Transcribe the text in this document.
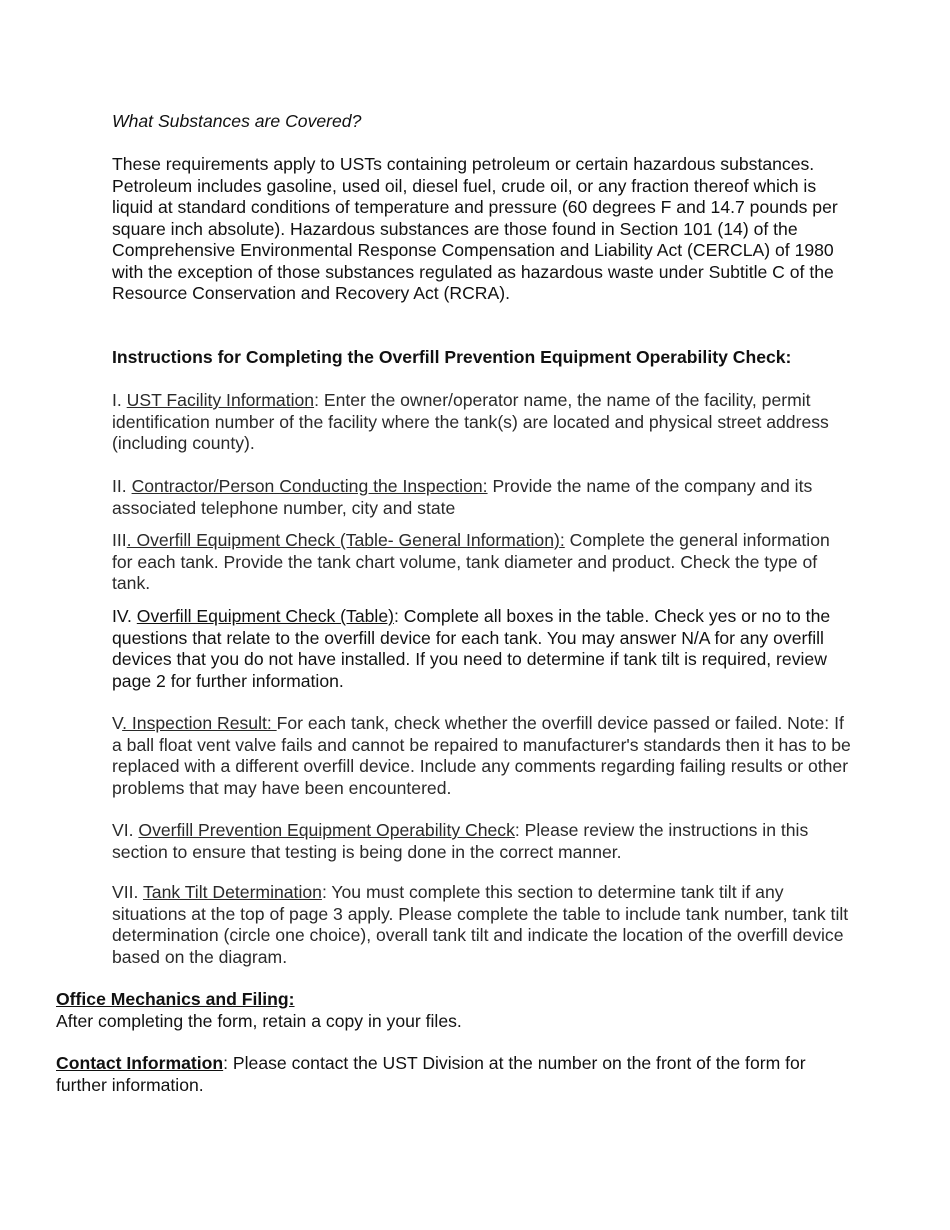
What Substances are Covered?

These requirements apply to USTs containing petroleum or certain hazardous substances. Petroleum includes gasoline, used oil, diesel fuel, crude oil, or any fraction thereof which is liquid at standard conditions of temperature and pressure (60 degrees F and 14.7 pounds per square inch absolute). Hazardous substances are those found in Section 101 (14) of the Comprehensive Environmental Response Compensation and Liability Act (CERCLA) of 1980 with the exception of those substances regulated as hazardous waste under Subtitle C of the Resource Conservation and Recovery Act (RCRA).

Instructions for Completing the Overfill Prevention Equipment Operability Check:

I. UST Facility Information: Enter the owner/operator name, the name of the facility, permit identification number of the facility where the tank(s) are located and physical street address (including county).

II. Contractor/Person Conducting the Inspection: Provide the name of the company and its associated telephone number, city and state

III. Overfill Equipment Check (Table- General Information): Complete the general information for each tank. Provide the tank chart volume, tank diameter and product. Check the type of tank.

IV. Overfill Equipment Check (Table): Complete all boxes in the table. Check yes or no to the questions that relate to the overfill device for each tank. You may answer N/A for any overfill devices that you do not have installed. If you need to determine if tank tilt is required, review page 2 for further information.

V. Inspection Result: For each tank, check whether the overfill device passed or failed. Note: If a ball float vent valve fails and cannot be repaired to manufacturer's standards then it has to be replaced with a different overfill device. Include any comments regarding failing results or other problems that may have been encountered.

VI. Overfill Prevention Equipment Operability Check: Please review the instructions in this section to ensure that testing is being done in the correct manner.

VII. Tank Tilt Determination: You must complete this section to determine tank tilt if any situations at the top of page 3 apply. Please complete the table to include tank number, tank tilt determination (circle one choice), overall tank tilt and indicate the location of the overfill device based on the diagram.

Office Mechanics and Filing:
After completing the form, retain a copy in your files.

Contact Information: Please contact the UST Division at the number on the front of the form for further information.
